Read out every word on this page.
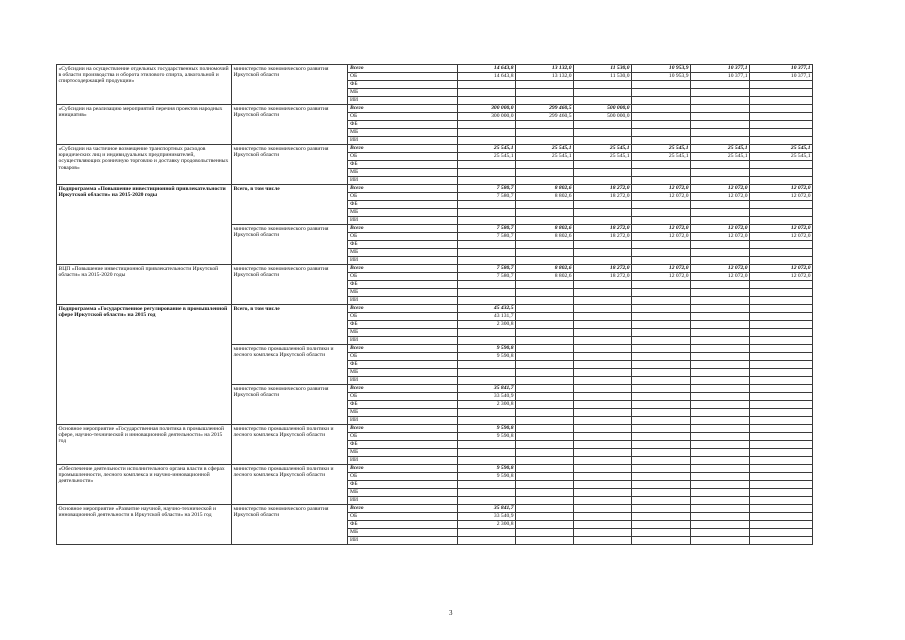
«Субсидии на осуществление отдельных государственных полномочий в области производства и оборота этилового спирта, алкогольной и спиртосодержащей продукции»	министерство экономического развития Иркутской области	Всего	14 643,8	13 132,0	11 530,0	10 953,9	10 377,1	10 377,1
		ОБ	14 643,8	13 132,0	11 530,0	10 953,9	10 377,1	10 377,1
		ФБ						
		МБ						
		ИИ						
«Субсидии на реализацию мероприятий перечня проектов народных инициатив»	министерство экономического развития Иркутской области	Всего	300 000,0	299 460,5	500 000,0			
		ОБ	300 000,0	299 460,5	500 000,0			
		ФБ						
		МБ						
		ИИ						
«Субсидии на частичное возмещение транспортных расходов юридических лиц и индивидуальных предпринимателей, осуществляющих розничную торговлю и доставку продовольственных товаров»	министерство экономического развития Иркутской области	Всего	25 545,1	25 545,1	25 545,1	25 545,1	25 545,1	25 545,1
		ОБ	25 545,1	25 545,1	25 545,1	25 545,1	25 545,1	25 545,1
		ФБ						
		МБ						
		ИИ						
Подпрограмма «Повышение инвестиционной привлекательности Иркутской области» на 2015-2020 годы	Всего, в том числе	Всего	7 580,7	8 802,6	18 272,0	12 072,0	12 072,0	12 072,0
		ОБ	7 580,7	8 802,6	18 272,0	12 072,0	12 072,0	12 072,0
		ФБ						
		МБ						
		ИИ						
	министерство экономического развития Иркутской области	Всего	7 580,7	8 802,6	18 272,0	12 072,0	12 072,0	12 072,0
		ОБ	7 580,7	8 802,6	18 272,0	12 072,0	12 072,0	12 072,0
		ФБ						
		МБ						
		ИИ						
ВЦП «Повышение инвестиционной привлекательности Иркутской области» на 2015-2020 годы	министерство экономического развития Иркутской области	Всего	7 580,7	8 802,6	18 272,0	12 072,0	12 072,0	12 072,0
		ОБ	7 580,7	8 802,6	18 272,0	12 072,0	12 072,0	12 072,0
		ФБ						
		МБ						
		ИИ						
Подпрограмма «Государственное регулирование в промышленной сфере Иркутской области» на 2015 год	Всего, в том числе	Всего	45 432,5					
		ОБ	43 131,7					
		ФБ	2 300,8					
		МБ						
		ИИ						
	министерство промышленной политики и лесного комплекса Иркутской области	Всего	9 590,8					
		ОБ	9 590,8					
		ФБ						
		МБ						
		ИИ						
	министерство экономического развития Иркутской области	Всего	35 841,7					
		ОБ	33 540,9					
		ФБ	2 300,8					
		МБ						
		ИИ						
Основное мероприятие «Государственная политика в промышленной сфере, научно-технической и инновационной деятельности» на 2015 год	министерство промышленной политики и лесного комплекса Иркутской области	Всего	9 590,8					
		ОБ	9 590,8					
		ФБ						
		МБ						
		ИИ						
«Обеспечение деятельности исполнительного органа власти в сферах промышленности, лесного комплекса и научно-инновационной деятельности»	министерство промышленной политики и лесного комплекса Иркутской области	Всего	9 590,8					
		ОБ	9 590,8					
		ФБ						
		МБ						
		ИИ						
Основное мероприятие «Развитие научной, научно-технической и инновационной деятельности в Иркутской области» на 2015 год	министерство экономического развития Иркутской области	Всего	35 841,7					
		ОБ	33 540,9					
		ФБ	2 300,8					
		МБ						
		ИИ						
3
